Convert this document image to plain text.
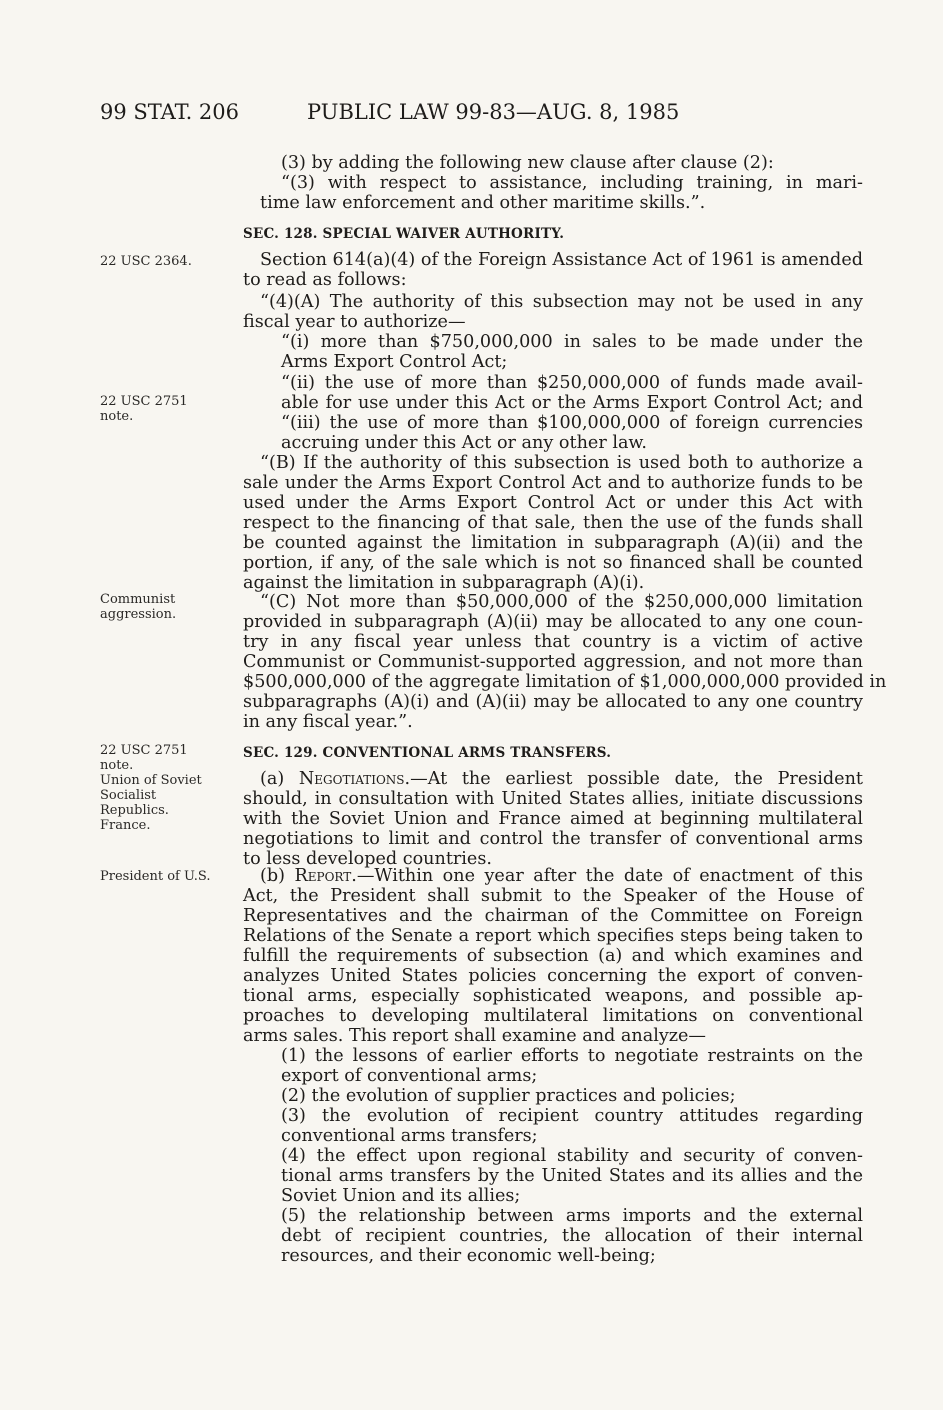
99 STAT. 206	PUBLIC LAW 99-83—AUG. 8, 1985
22 USC 2364.
22 USC 2751
note.
Communist
aggression.
22 USC 2751
note.
Union of Soviet
Socialist
Republics.
France.
President of U.S.
(3) by adding the following new clause after clause (2):
“(3) with respect to assistance, including training, in mari-
time law enforcement and other maritime skills.”.
SEC. 128. SPECIAL WAIVER AUTHORITY.
Section 614(a)(4) of the Foreign Assistance Act of 1961 is amended
to read as follows:
“(4)(A) The authority of this subsection may not be used in any
fiscal year to authorize—
“(i) more than $750,000,000 in sales to be made under the
Arms Export Control Act;
“(ii) the use of more than $250,000,000 of funds made avail-
able for use under this Act or the Arms Export Control Act; and
“(iii) the use of more than $100,000,000 of foreign currencies
accruing under this Act or any other law.
“(B) If the authority of this subsection is used both to authorize a
sale under the Arms Export Control Act and to authorize funds to be
used under the Arms Export Control Act or under this Act with
respect to the financing of that sale, then the use of the funds shall
be counted against the limitation in subparagraph (A)(ii) and the
portion, if any, of the sale which is not so financed shall be counted
against the limitation in subparagraph (A)(i).
“(C) Not more than $50,000,000 of the $250,000,000 limitation
provided in subparagraph (A)(ii) may be allocated to any one coun-
try in any fiscal year unless that country is a victim of active
Communist or Communist-supported aggression, and not more than
$500,000,000 of the aggregate limitation of $1,000,000,000 provided in
subparagraphs (A)(i) and (A)(ii) may be allocated to any one country
in any fiscal year.”.
SEC. 129. CONVENTIONAL ARMS TRANSFERS.
(a) Negotiations.—At the earliest possible date, the President
should, in consultation with United States allies, initiate discussions
with the Soviet Union and France aimed at beginning multilateral
negotiations to limit and control the transfer of conventional arms
to less developed countries.
(b) Report.—Within one year after the date of enactment of this
Act, the President shall submit to the Speaker of the House of
Representatives and the chairman of the Committee on Foreign
Relations of the Senate a report which specifies steps being taken to
fulfill the requirements of subsection (a) and which examines and
analyzes United States policies concerning the export of conven-
tional arms, especially sophisticated weapons, and possible ap-
proaches to developing multilateral limitations on conventional
arms sales. This report shall examine and analyze—
(1) the lessons of earlier efforts to negotiate restraints on the
export of conventional arms;
(2) the evolution of supplier practices and policies;
(3) the evolution of recipient country attitudes regarding
conventional arms transfers;
(4) the effect upon regional stability and security of conven-
tional arms transfers by the United States and its allies and the
Soviet Union and its allies;
(5) the relationship between arms imports and the external
debt of recipient countries, the allocation of their internal
resources, and their economic well-being;
